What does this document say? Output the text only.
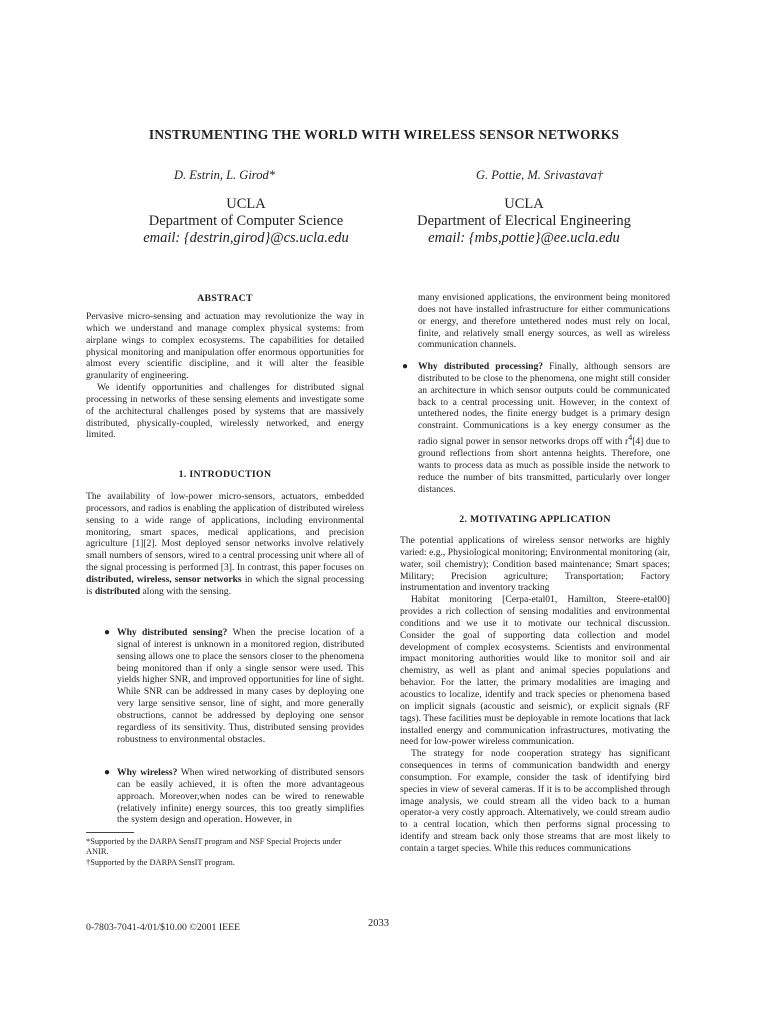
INSTRUMENTING THE WORLD WITH WIRELESS SENSOR NETWORKS
D. Estrin, L. Girod*	G. Pottie, M. Srivastava†
UCLA
Department of Computer Science
email: {destrin,girod}@cs.ucla.edu
UCLA
Department of Elecrical Engineering
email: {mbs,pottie}@ee.ucla.edu
ABSTRACT

Pervasive micro-sensing and actuation may revolutionize the way in which we understand and manage complex physical systems: from airplane wings to complex ecosystems. The capabilities for detailed physical monitoring and manipulation offer enormous opportunities for almost every scientific discipline, and it will alter the feasible granularity of engineering.

We identify opportunities and challenges for distributed signal processing in networks of these sensing elements and investigate some of the architectural challenges posed by systems that are massively distributed, physically-coupled, wirelessly networked, and energy limited.

1. INTRODUCTION

The availability of low-power micro-sensors, actuators, embedded processors, and radios is enabling the application of distributed wireless sensing to a wide range of applications, including environmental monitoring, smart spaces, medical applications, and precision agriculture [1][2]. Most deployed sensor networks involve relatively small numbers of sensors, wired to a central processing unit where all of the signal processing is performed [3]. In contrast, this paper focuses on distributed, wireless, sensor networks in which the signal processing is distributed along with the sensing.

● Why distributed sensing? When the precise location of a signal of interest is unknown in a monitored region, distributed sensing allows one to place the sensors closer to the phenomena being monitored than if only a single sensor were used. This yields higher SNR, and improved opportunities for line of sight. While SNR can be addressed in many cases by deploying one very large sensitive sensor, line of sight, and more generally obstructions, cannot be addressed by deploying one sensor regardless of its sensitivity. Thus, distributed sensing provides robustness to environmental obstacles.
● Why wireless? When wired networking of distributed sensors can be easily achieved, it is often the more advantageous approach. Moreover,when nodes can be wired to renewable (relatively infinite) energy sources, this too greatly simplifies the system design and operation. However, in
*Supported by the DARPA SensIT program and NSF Special Projects under ANIR.
†Supported by the DARPA SensIT program.
many envisioned applications, the environment being monitored does not have installed infrastructure for either communications or energy, and therefore untethered nodes must rely on local, finite, and relatively small energy sources, as well as wireless communication channels.
● Why distributed processing? Finally, although sensors are distributed to be close to the phenomena, one might still consider an architecture in which sensor outputs could be communicated back to a central processing unit. However, in the context of untethered nodes, the finite energy budget is a primary design constraint. Communications is a key energy consumer as the radio signal power in sensor networks drops off with $r^4[4]$ due to ground reflections from short antenna heights. Therefore, one wants to process data as much as possible inside the network to reduce the number of bits transmitted, particularly over longer distances.
2. MOTIVATING APPLICATION

The potential applications of wireless sensor networks are highly varied: e.g., Physiological monitoring; Environmental monitoring (air, water, soil chemistry); Condition based maintenance; Smart spaces; Military; Precision agriculture; Transportation; Factory instrumentation and inventory tracking

Habitat monitoring [Cerpa-etal01, Hamilton, Steere-etal00] provides a rich collection of sensing modalities and environmental conditions and we use it to motivate our technical discussion. Consider the goal of supporting data collection and model development of complex ecosystems. Scientists and environmental impact monitoring authorities would like to monitor soil and air chemistry, as well as plant and animal species populations and behavior. For the latter, the primary modalities are imaging and acoustics to localize, identify and track species or phenomena based on implicit signals (acoustic and seismic), or explicit signals (RF tags). These facilities must be deployable in remote locations that lack installed energy and communication infrastructures, motivating the need for low-power wireless communication.

The strategy for node cooperation strategy has significant consequences in terms of communication bandwidth and energy consumption. For example, consider the task of identifying bird species in view of several cameras. If it is to be accomplished through image analysis, we could stream all the video back to a human operator-a very costly approach. Alternatively, we could stream audio to a central location, which then performs signal processing to identify and stream back only those streams that are most likely to contain a target species. While this reduces communications

0-7803-7041-4/01/$10.00 ©2001 IEEE	2033
